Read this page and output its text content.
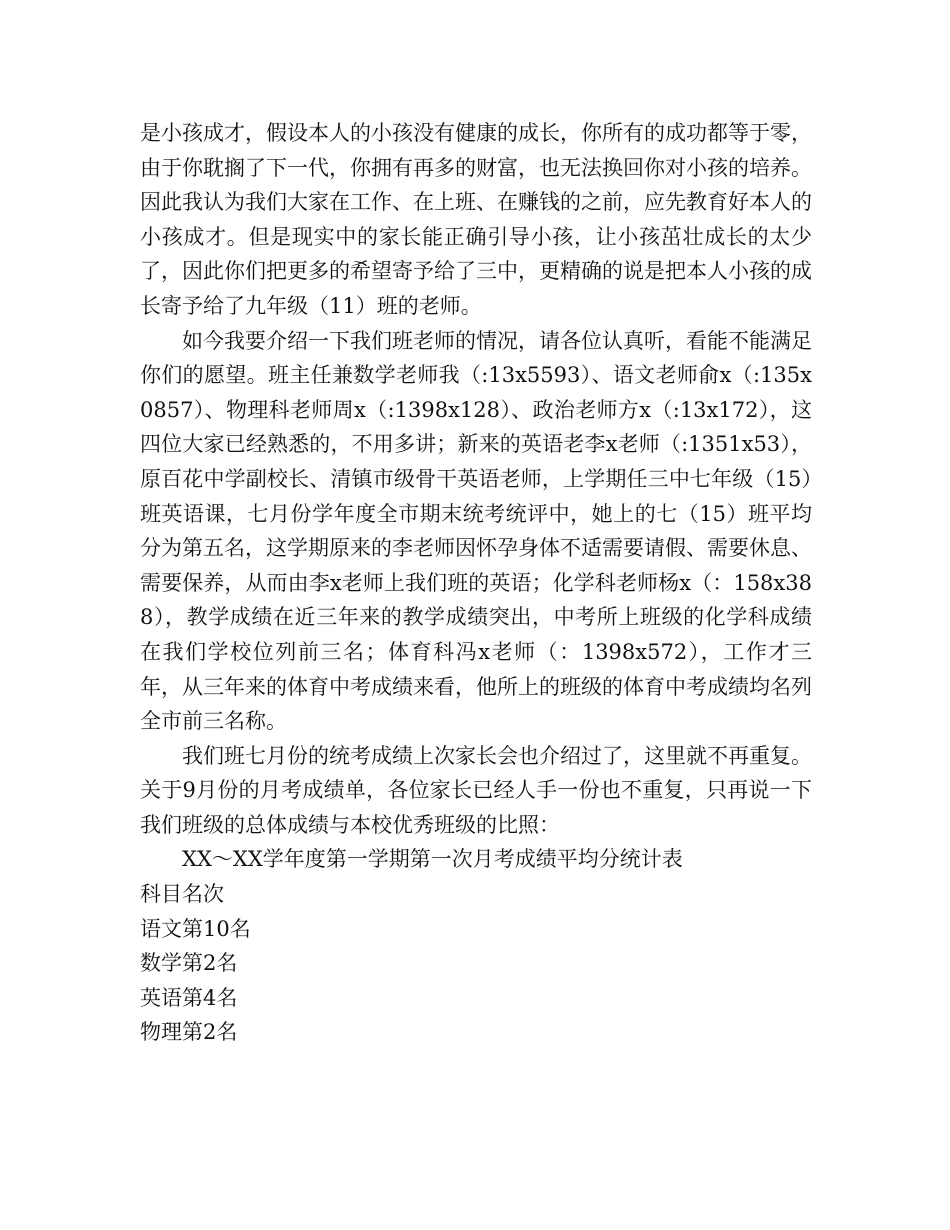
是小孩成才，假设本人的小孩没有健康的成长，你所有的成功都等于零，由于你耽搁了下一代，你拥有再多的财富，也无法换回你对小孩的培养。因此我认为我们大家在工作、在上班、在赚钱的之前，应先教育好本人的小孩成才。但是现实中的家长能正确引导小孩，让小孩茁壮成长的太少了，因此你们把更多的希望寄予给了三中，更精确的说是把本人小孩的成长寄予给了九年级（11）班的老师。

如今我要介绍一下我们班老师的情况，请各位认真听，看能不能满足你们的愿望。班主任兼数学老师我（:13x5593）、语文老师俞x（:135x0857）、物理科老师周x（:1398x128）、政治老师方x（:13x172），这四位大家已经熟悉的，不用多讲；新来的英语老李x老师（:1351x53），原百花中学副校长、清镇市级骨干英语老师，上学期任三中七年级（15）班英语课，七月份学年度全市期末统考统评中，她上的七（15）班平均分为第五名，这学期原来的李老师因怀孕身体不适需要请假、需要休息、需要保养，从而由李x老师上我们班的英语；化学科老师杨x（：158x388），教学成绩在近三年来的教学成绩突出，中考所上班级的化学科成绩在我们学校位列前三名；体育科冯x老师（：1398x572），工作才三年，从三年来的体育中考成绩来看，他所上的班级的体育中考成绩均名列全市前三名称。

我们班七月份的统考成绩上次家长会也介绍过了，这里就不再重复。关于9月份的月考成绩单，各位家长已经人手一份也不重复，只再说一下我们班级的总体成绩与本校优秀班级的比照：

XX～XX学年度第一学期第一次月考成绩平均分统计表

科目名次

语文第10名

数学第2名

英语第4名

物理第2名
